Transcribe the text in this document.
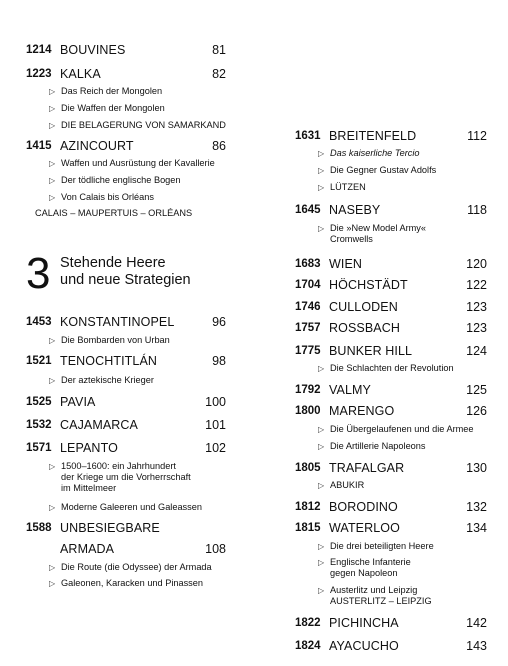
1214 BOUVINES	81
1223 KALKA	82
▷ Das Reich der Mongolen
▷ Die Waffen der Mongolen
▷ DIE BELAGERUNG VON SAMARKAND
1415 AZINCOURT	86
▷ Waffen und Ausrüstung der Kavallerie
▷ Der tödliche englische Bogen
▷ Von Calais bis Orléans
CALAIS – MAUPERTUIS – ORLÉANS
3 Stehende Heere
und neue Strategien
1453 KONSTANTINOPEL	96
▷ Die Bombarden von Urban
1521 TENOCHTITLÁN	98
▷ Der aztekische Krieger
1525 PAVIA	100
1532 CAJAMARCA	101
1571 LEPANTO	102
▷ 1500–1600: ein Jahrhundert
der Kriege um die Vorherrschaft
im Mittelmeer
▷ Moderne Galeeren und Galeassen
1588 UNBESIEGBARE
ARMADA	108
▷ Die Route (die Odyssee) der Armada
▷ Galeonen, Karacken und Pinassen
1631 BREITENFELD	112
▷ Das kaiserliche Tercio
▷ Die Gegner Gustav Adolfs
▷ LÜTZEN
1645 NASEBY	118
▷ Die »New Model Army«
Cromwells
1683 WIEN	120
1704 HÖCHSTÄDT	122
1746 CULLODEN	123
1757 ROSSBACH	123
1775 BUNKER HILL	124
▷ Die Schlachten der Revolution
1792 VALMY	125
1800 MARENGO	126
▷ Die Übergelaufenen und die Armee
▷ Die Artillerie Napoleons
1805 TRAFALGAR	130
▷ ABUKIR
1812 BORODINO	132
1815 WATERLOO	134
▷ Die drei beteiligten Heere
▷ Englische Infanterie
gegen Napoleon
▷ Austerlitz und Leipzig
AUSTERLITZ – LEIPZIG
1822 PICHINCHA	142
1824 AYACUCHO	143
